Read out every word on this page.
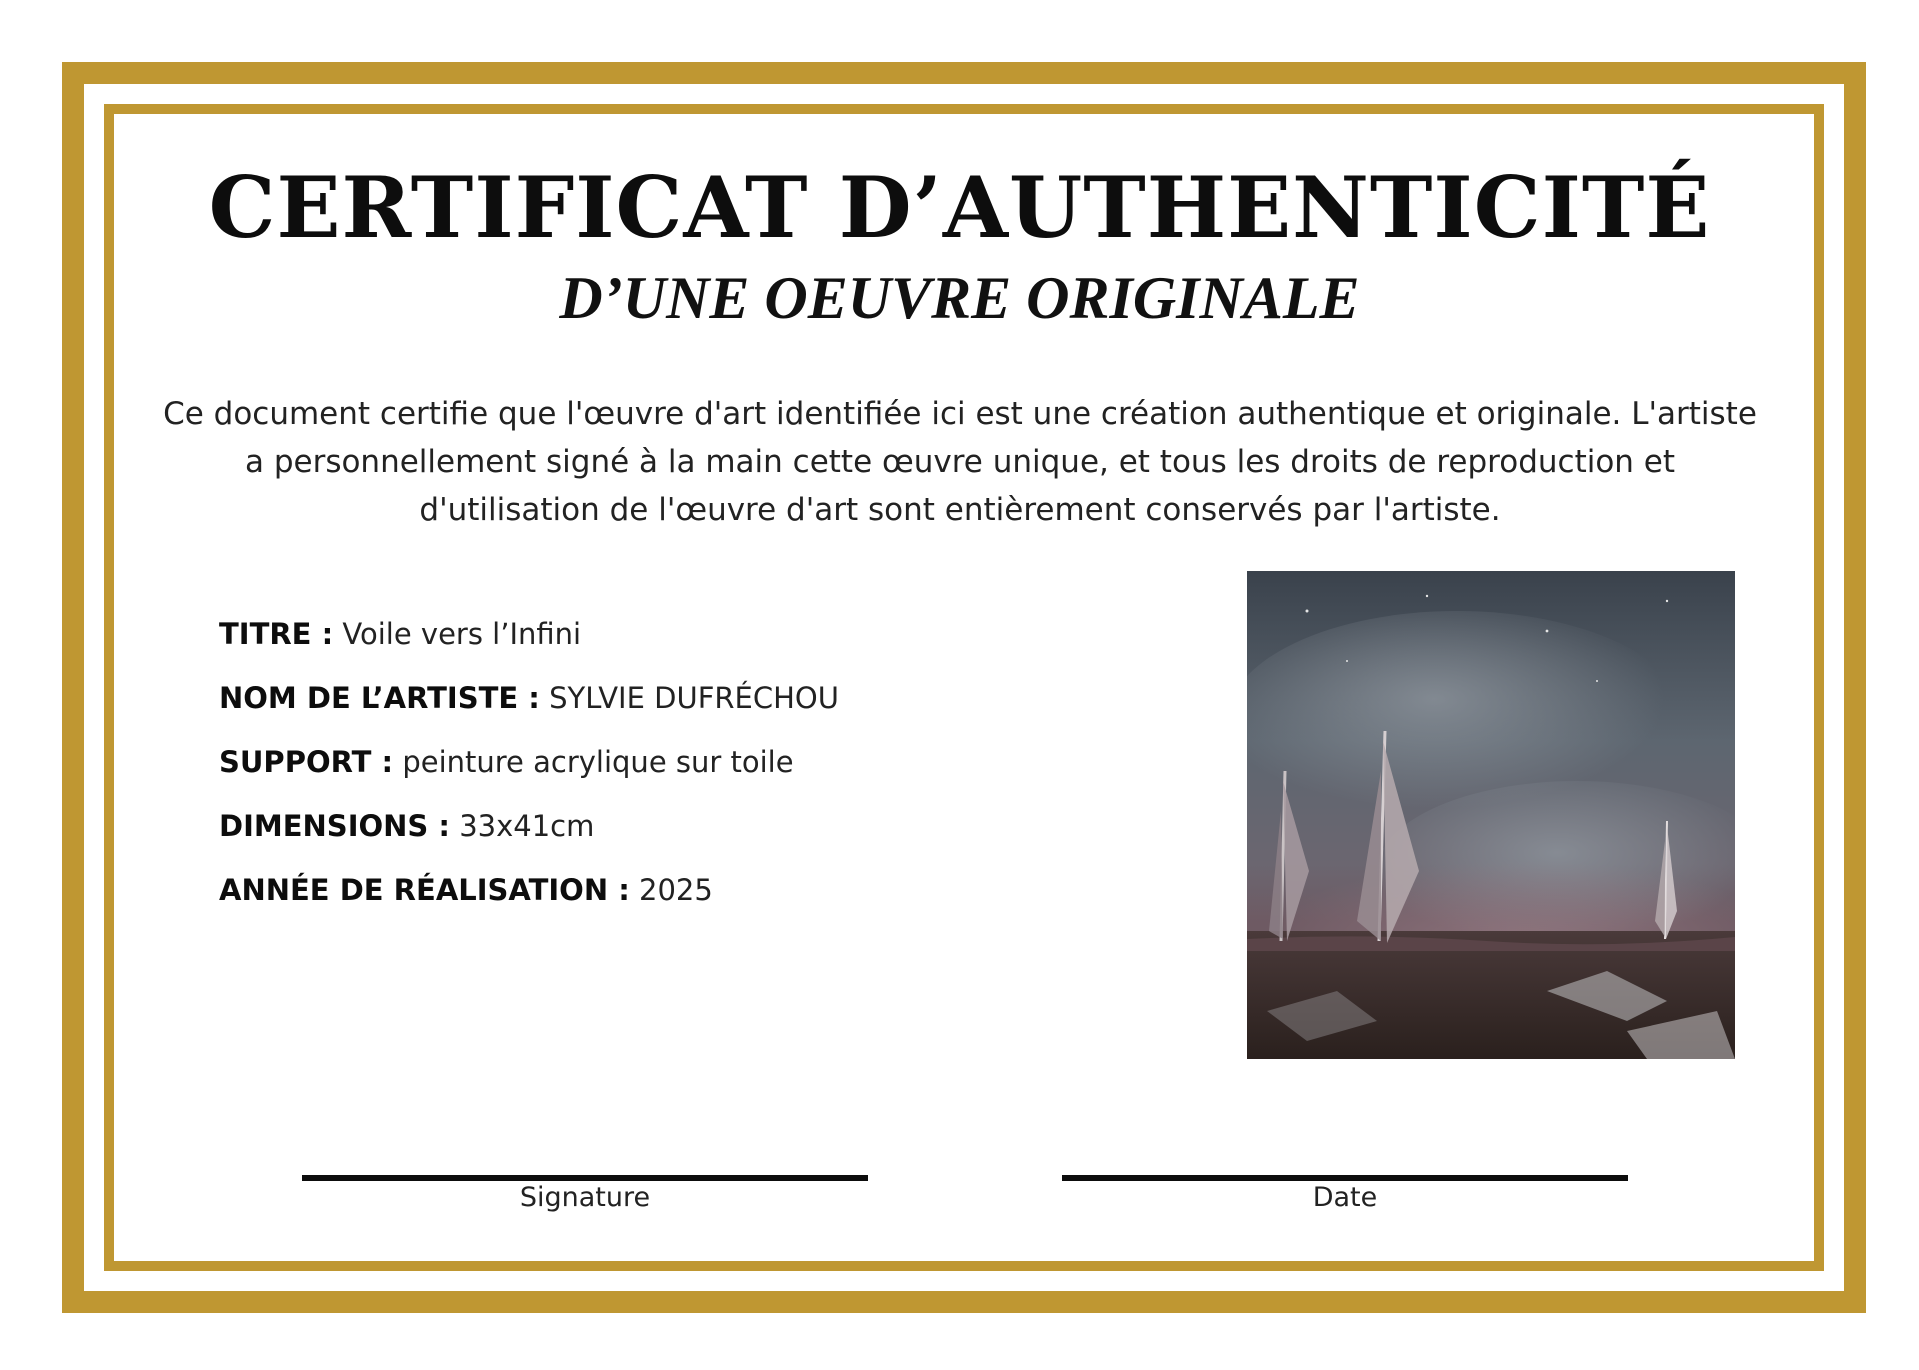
CERTIFICAT D’AUTHENTICITÉ
D’UNE OEUVRE ORIGINALE

Ce document certifie que l'œuvre d'art identifiée ici est une création authentique et originale. L'artiste a personnellement signé à la main cette œuvre unique, et tous les droits de reproduction et d'utilisation de l'œuvre d'art sont entièrement conservés par l'artiste.

TITRE : Voile vers l’Infini
NOM DE L’ARTISTE : SYLVIE DUFRÉCHOU
SUPPORT : peinture acrylique sur toile
DIMENSIONS : 33x41cm
ANNÉE DE RÉALISATION : 2025
Signature	Date
